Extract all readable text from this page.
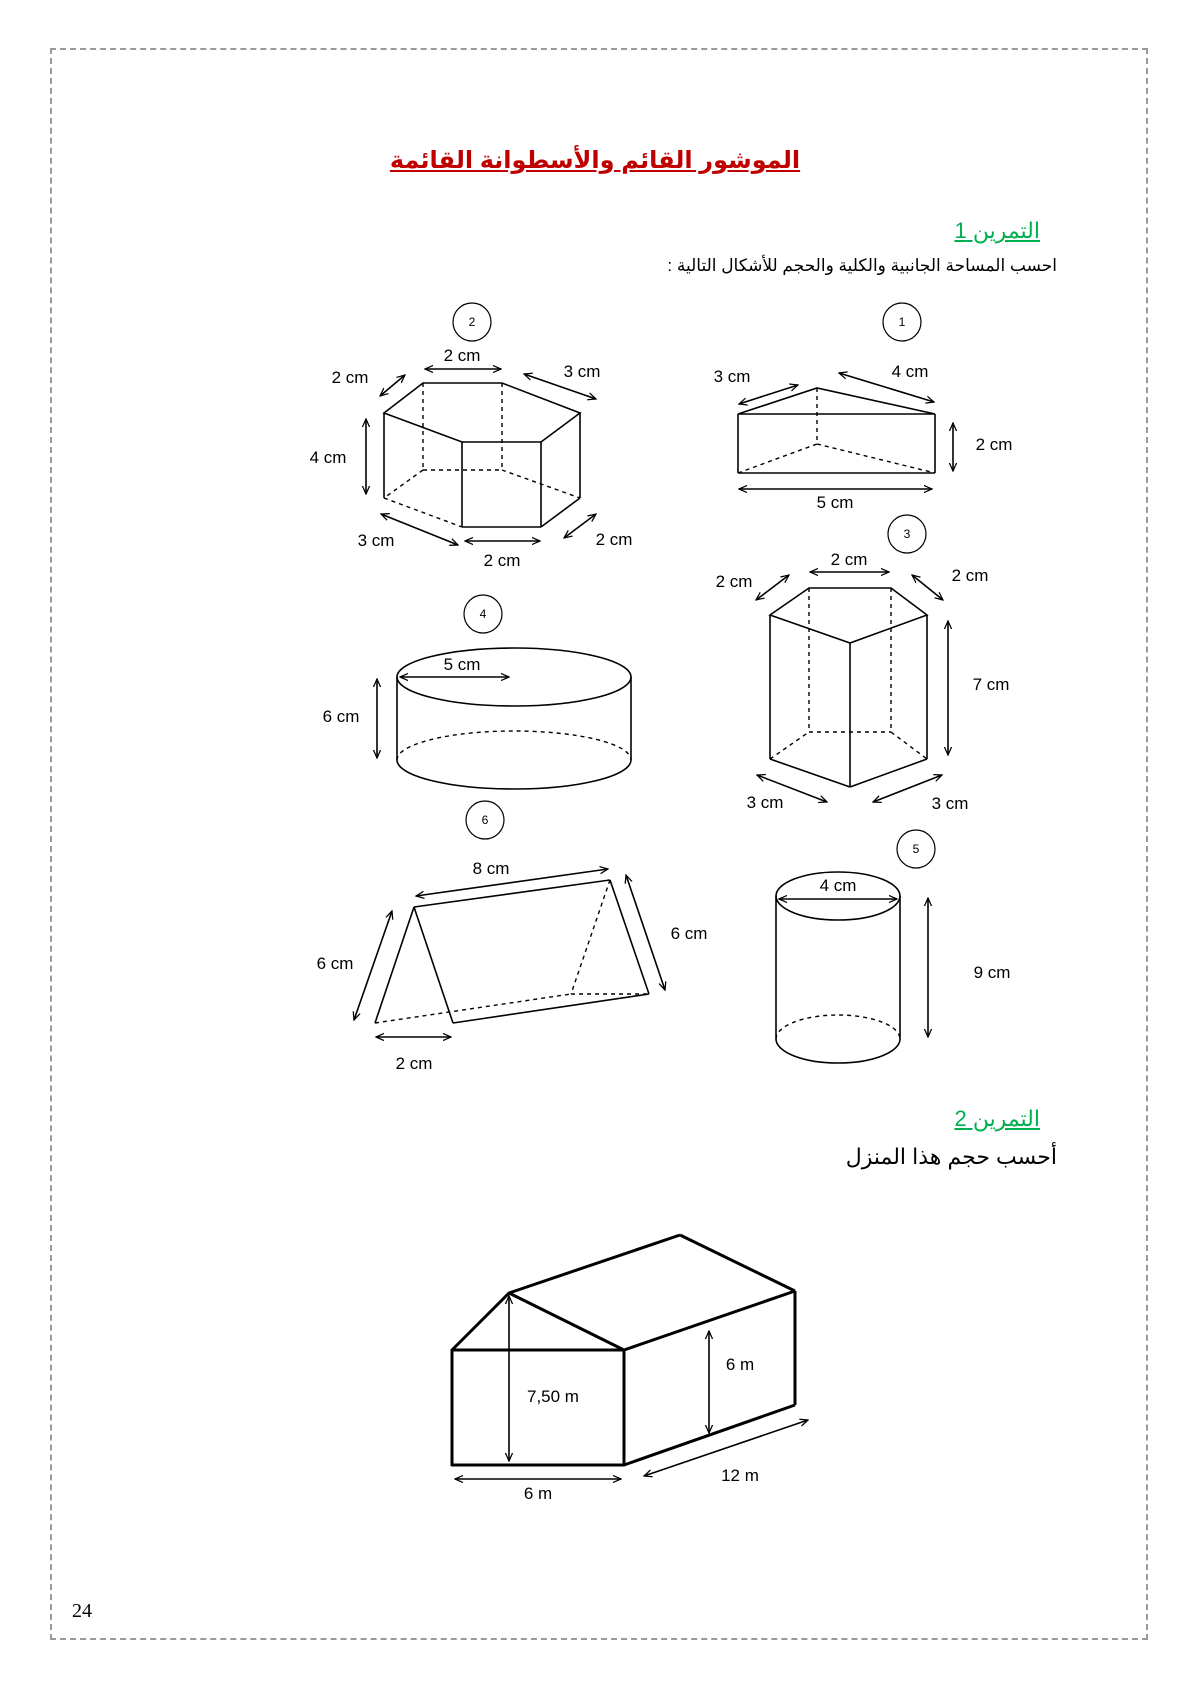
الموشور القائم والأسطوانة القائمة
التمرين 1
احسب المساحة الجانبية والكلية والحجم للأشكال التالية :
التمرين 2
أحسب حجم هذا المنزل
24
1
3 cm	4 cm
2 cm
5 cm
2
2 cm
2 cm	3 cm
4 cm
3 cm
2 cm
2 cm	3
2 cm
2 cm	2 cm
7 cm
3 cm	3 cm
4
5 cm
6 cm
5
4 cm
9 cm
6
8 cm
6 cm
6 cm
2 cm
7,50 m
6 m
6 m
12 m
